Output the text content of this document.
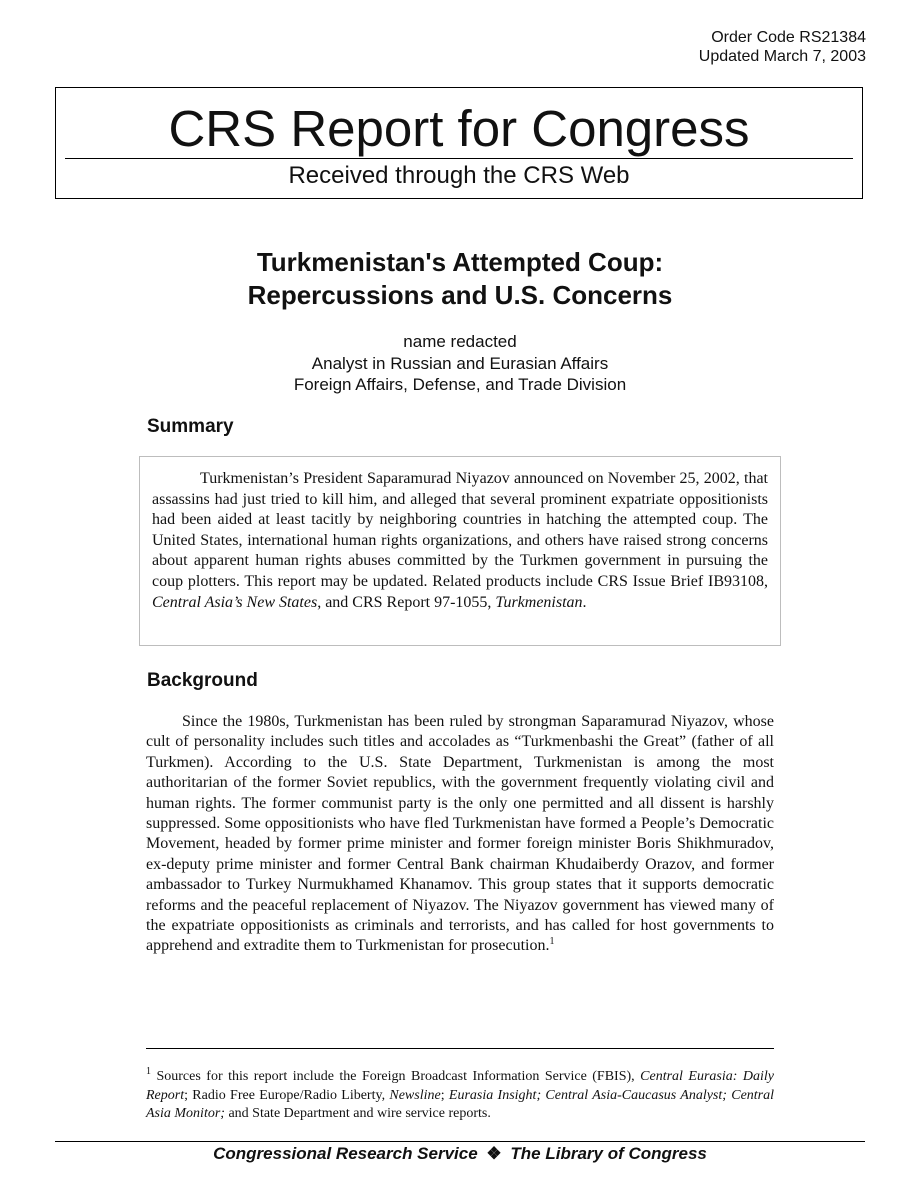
Order Code RS21384
Updated March 7, 2003
CRS Report for Congress
Received through the CRS Web
Turkmenistan's Attempted Coup:
Repercussions and U.S. Concerns
name redacted
Analyst in Russian and Eurasian Affairs
Foreign Affairs, Defense, and Trade Division
Summary

Turkmenistan’s President Saparamurad Niyazov announced on November 25, 2002, that assassins had just tried to kill him, and alleged that several prominent expatriate oppositionists had been aided at least tacitly by neighboring countries in hatching the attempted coup. The United States, international human rights organizations, and others have raised strong concerns about apparent human rights abuses committed by the Turkmen government in pursuing the coup plotters. This report may be updated. Related products include CRS Issue Brief IB93108, Central Asia’s New States, and CRS Report 97-1055, Turkmenistan.

Background

Since the 1980s, Turkmenistan has been ruled by strongman Saparamurad Niyazov, whose cult of personality includes such titles and accolades as “Turkmenbashi the Great” (father of all Turkmen). According to the U.S. State Department, Turkmenistan is among the most authoritarian of the former Soviet republics, with the government frequently violating civil and human rights. The former communist party is the only one permitted and all dissent is harshly suppressed. Some oppositionists who have fled Turkmenistan have formed a People’s Democratic Movement, headed by former prime minister and former foreign minister Boris Shikhmuradov, ex-deputy prime minister and former Central Bank chairman Khudaiberdy Orazov, and former ambassador to Turkey Nurmukhamed Khanamov. This group states that it supports democratic reforms and the peaceful replacement of Niyazov. The Niyazov government has viewed many of the expatriate oppositionists as criminals and terrorists, and has called for host governments to apprehend and extradite them to Turkmenistan for prosecution.$^1$

$^1$ Sources for this report include the Foreign Broadcast Information Service (FBIS), Central Eurasia: Daily Report; Radio Free Europe/Radio Liberty, Newsline; Eurasia Insight; Central Asia-Caucasus Analyst; Central Asia Monitor; and State Department and wire service reports.

Congressional Research Service ❖ The Library of Congress
